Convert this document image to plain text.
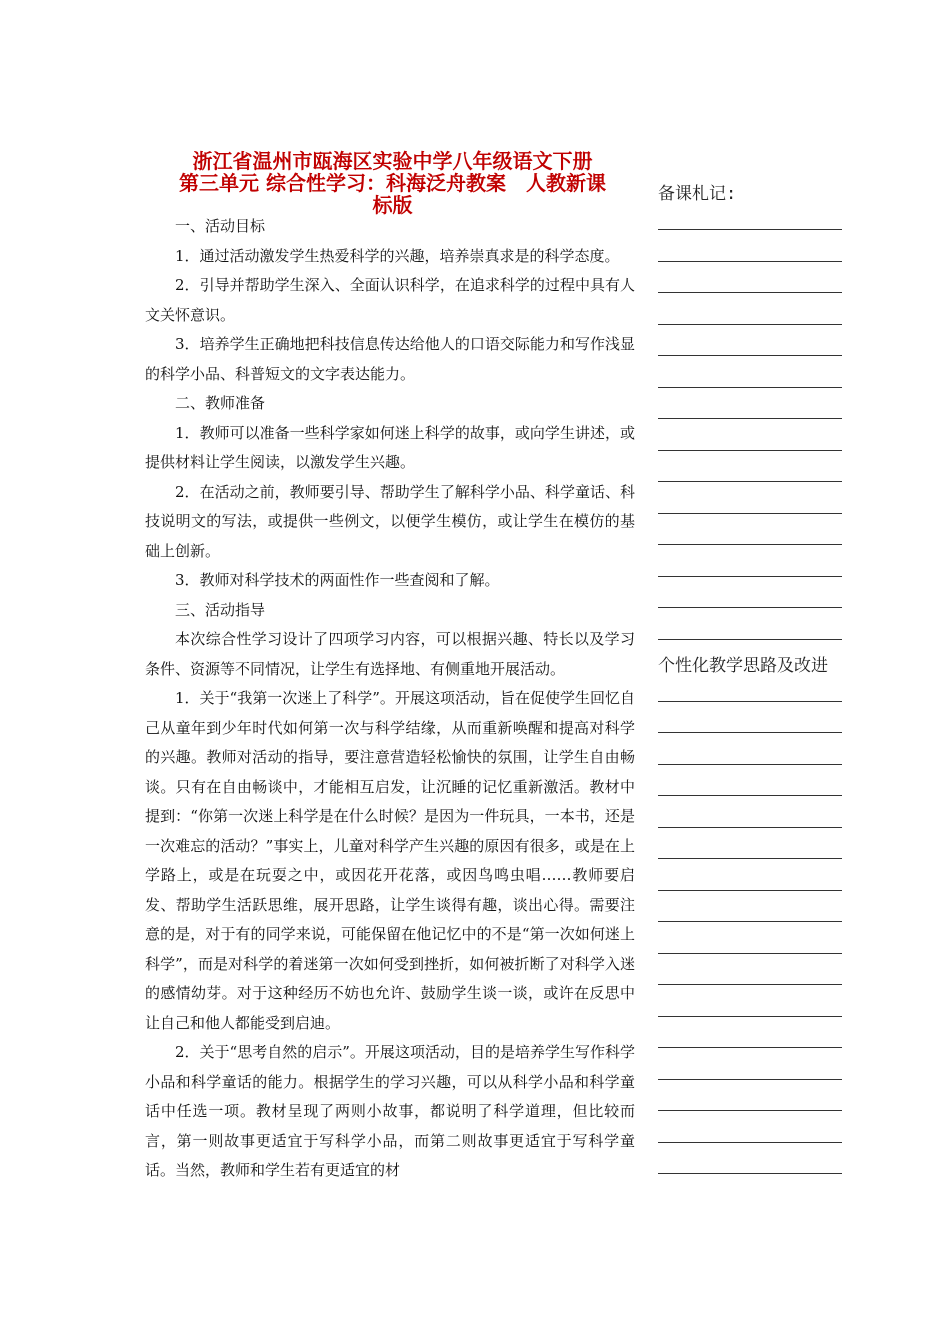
浙江省温州市瓯海区实验中学八年级语文下册
第三单元 综合性学习：科海泛舟教案　人教新课
标版

一、活动目标

1．通过活动激发学生热爱科学的兴趣，培养崇真求是的科学态度。

2．引导并帮助学生深入、全面认识科学，在追求科学的过程中具有人文关怀意识。

3．培养学生正确地把科技信息传达给他人的口语交际能力和写作浅显的科学小品、科普短文的文字表达能力。

二、教师准备

1．教师可以准备一些科学家如何迷上科学的故事，或向学生讲述，或提供材料让学生阅读，以激发学生兴趣。

2．在活动之前，教师要引导、帮助学生了解科学小品、科学童话、科技说明文的写法，或提供一些例文，以便学生模仿，或让学生在模仿的基础上创新。

3．教师对科学技术的两面性作一些查阅和了解。

三、活动指导

本次综合性学习设计了四项学习内容，可以根据兴趣、特长以及学习条件、资源等不同情况，让学生有选择地、有侧重地开展活动。

1．关于“我第一次迷上了科学”。开展这项活动，旨在促使学生回忆自己从童年到少年时代如何第一次与科学结缘，从而重新唤醒和提高对科学的兴趣。教师对活动的指导，要注意营造轻松愉快的氛围，让学生自由畅谈。只有在自由畅谈中，才能相互启发，让沉睡的记忆重新激活。教材中提到：“你第一次迷上科学是在什么时候？是因为一件玩具，一本书，还是一次难忘的活动？”事实上，儿童对科学产生兴趣的原因有很多，或是在上学路上，或是在玩耍之中，或因花开花落，或因鸟鸣虫唱……教师要启发、帮助学生活跃思维，展开思路，让学生谈得有趣，谈出心得。需要注意的是，对于有的同学来说，可能保留在他记忆中的不是“第一次如何迷上科学”，而是对科学的着迷第一次如何受到挫折，如何被折断了对科学入迷的感情幼芽。对于这种经历不妨也允许、鼓励学生谈一谈，或许在反思中让自己和他人都能受到启迪。

2．关于“思考自然的启示”。开展这项活动，目的是培养学生写作科学小品和科学童话的能力。根据学生的学习兴趣，可以从科学小品和科学童话中任选一项。教材呈现了两则小故事，都说明了科学道理，但比较而言，第一则故事更适宜于写科学小品，而第二则故事更适宜于写科学童话。当然，教师和学生若有更适宜的材

备课札记:
个性化教学思路及改进
